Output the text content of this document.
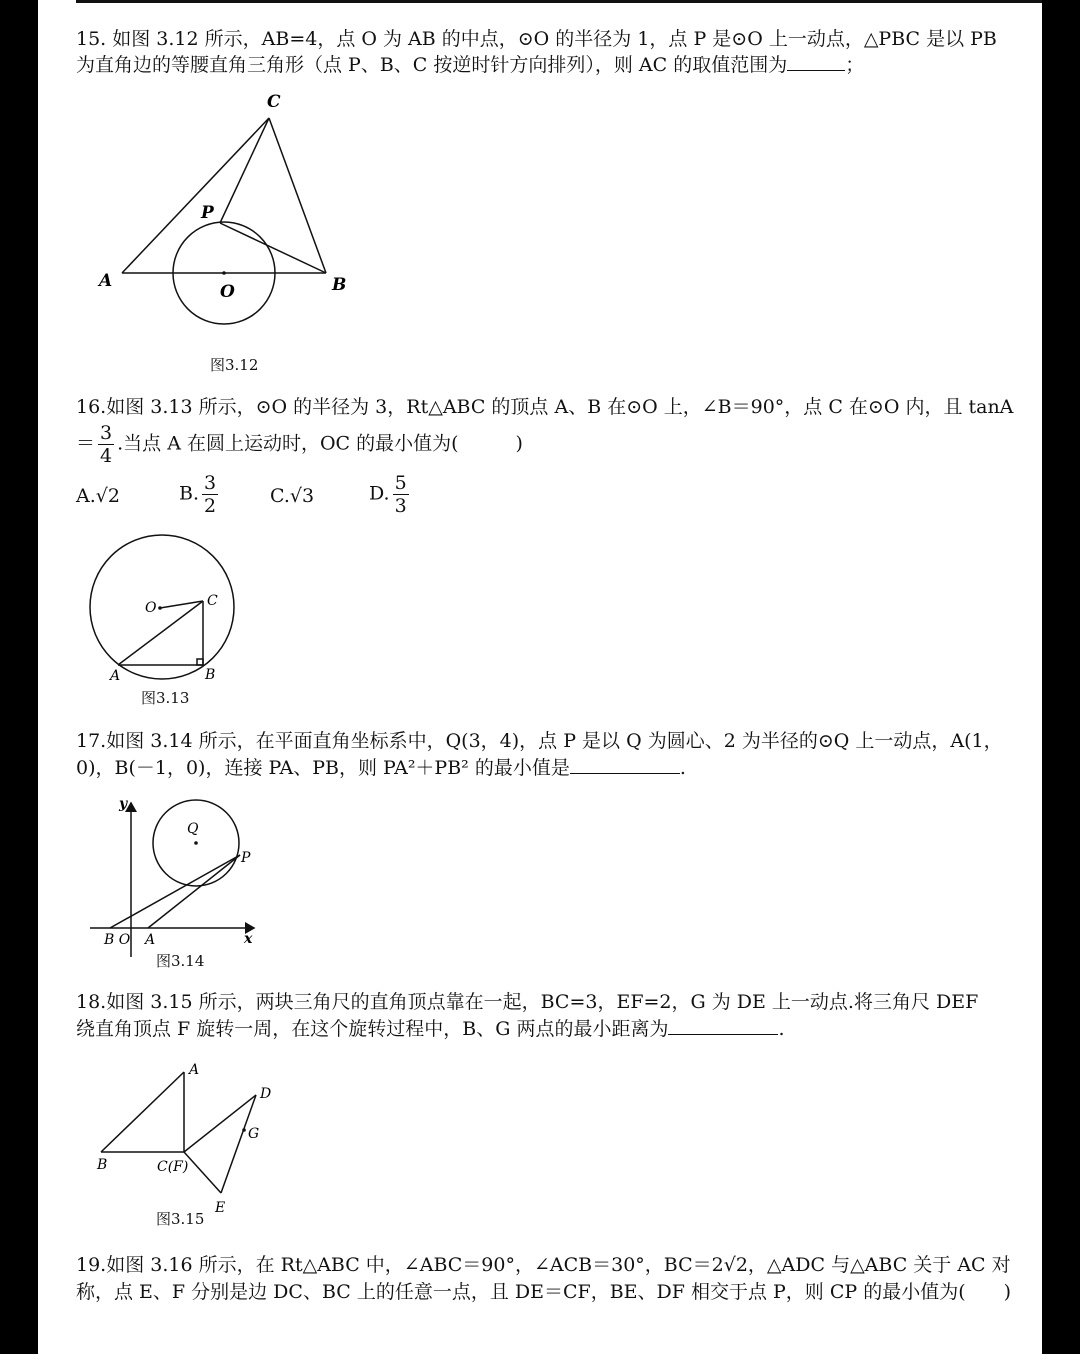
15. 如图 3.12 所示，AB=4，点 O 为 AB 的中点，⊙O 的半径为 1，点 P 是⊙O 上一动点，△PBC 是以 PB
为直角边的等腰直角三角形（点 P、B、C 按逆时针方向排列），则 AC 的取值范围为	；
C
P
A
O	B
图3.12
16.如图 3.13 所示，⊙O 的半径为 3，Rt△ABC 的顶点 A、B 在⊙O 上，∠B＝90°，点 C 在⊙O 内，且 tanA
＝ $\frac{3}{4}$ .当点 A 在圆上运动时，OC 的最小值为(　　　)
A.√2	B. $\frac{3}{2}$	C.√3	D. $\frac{5}{3}$
O	C
A	B
图3.13
17.如图 3.14 所示，在平面直角坐标系中，Q(3，4)，点 P 是以 Q 为圆心、2 为半径的⊙Q 上一动点，A(1，
0)，B(－1，0)，连接 PA、PB，则 PA²＋PB² 的最小值是	.
y
x
Q
P
B O A
图3.14
18.如图 3.15 所示，两块三角尺的直角顶点靠在一起，BC=3，EF=2，G 为 DE 上一动点.将三角尺 DEF
绕直角顶点 F 旋转一周，在这个旋转过程中，B、G 两点的最小距离为	.
A
D
G
B	C(F)
E
图3.15
19.如图 3.16 所示，在 Rt△ABC 中，∠ABC＝90°，∠ACB＝30°，BC＝2√2，△ADC 与△ABC 关于 AC 对
称，点 E、F 分别是边 DC、BC 上的任意一点，且 DE＝CF，BE、DF 相交于点 P，则 CP 的最小值为(　　)
